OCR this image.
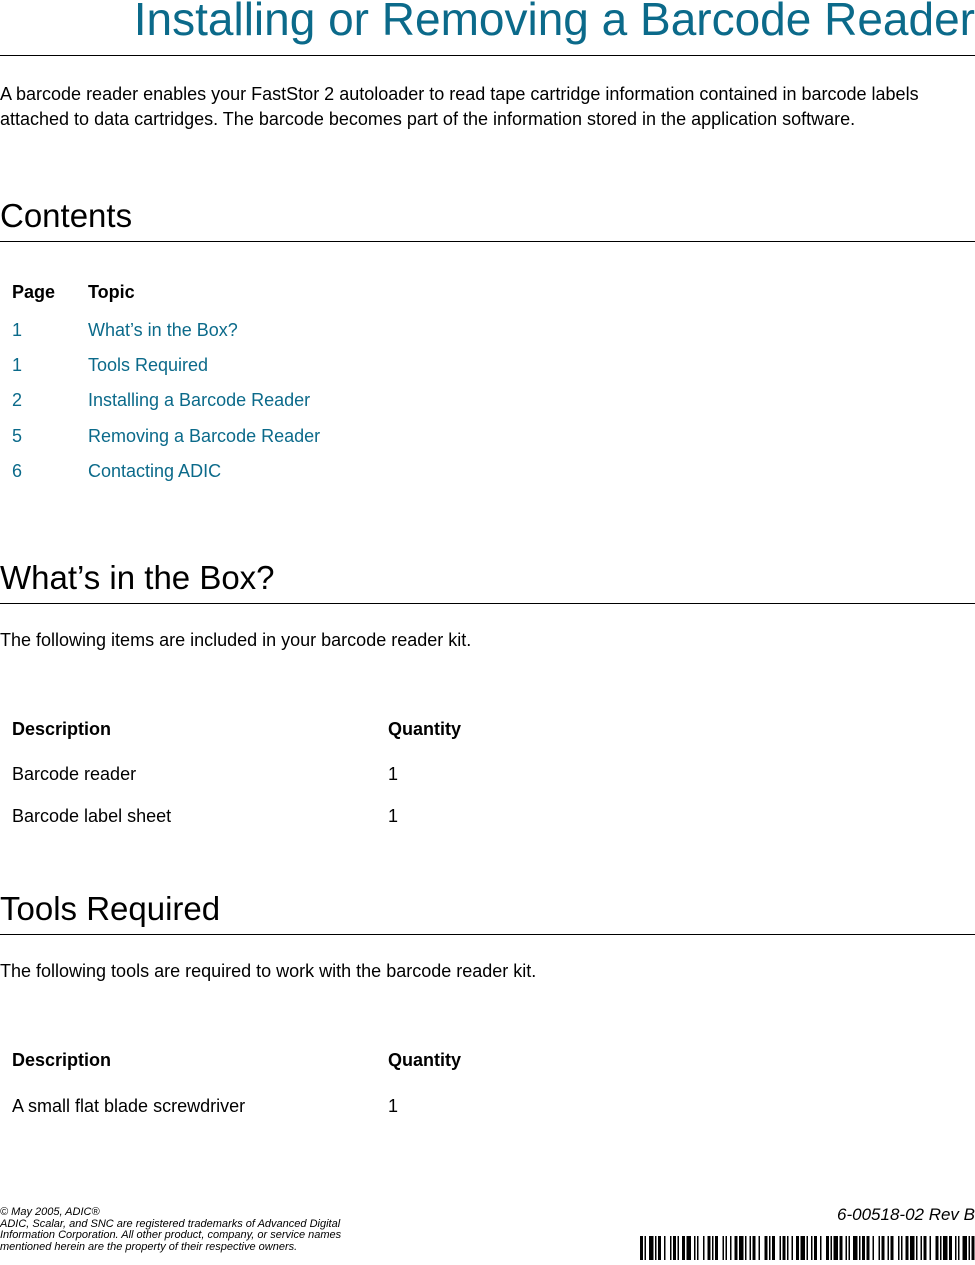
Installing or Removing a Barcode Reader
A barcode reader enables your FastStor 2 autoloader to read tape cartridge information contained in barcode labels attached to data cartridges. The barcode becomes part of the information stored in the application software.
Contents
Page Topic
1	What’s in the Box?
1	Tools Required
2	Installing a Barcode Reader
5	Removing a Barcode Reader
6	Contacting ADIC
What’s in the Box?
The following items are included in your barcode reader kit.
Description	Quantity
Barcode reader	1
Barcode label sheet	1
Tools Required
The following tools are required to work with the barcode reader kit.
Description	Quantity
A small flat blade screwdriver	1
© May 2005, ADIC®
ADIC, Scalar, and SNC are registered trademarks of Advanced Digital
Information Corporation. All other product, company, or service names
mentioned herein are the property of their respective owners.
6-00518-02 Rev B
